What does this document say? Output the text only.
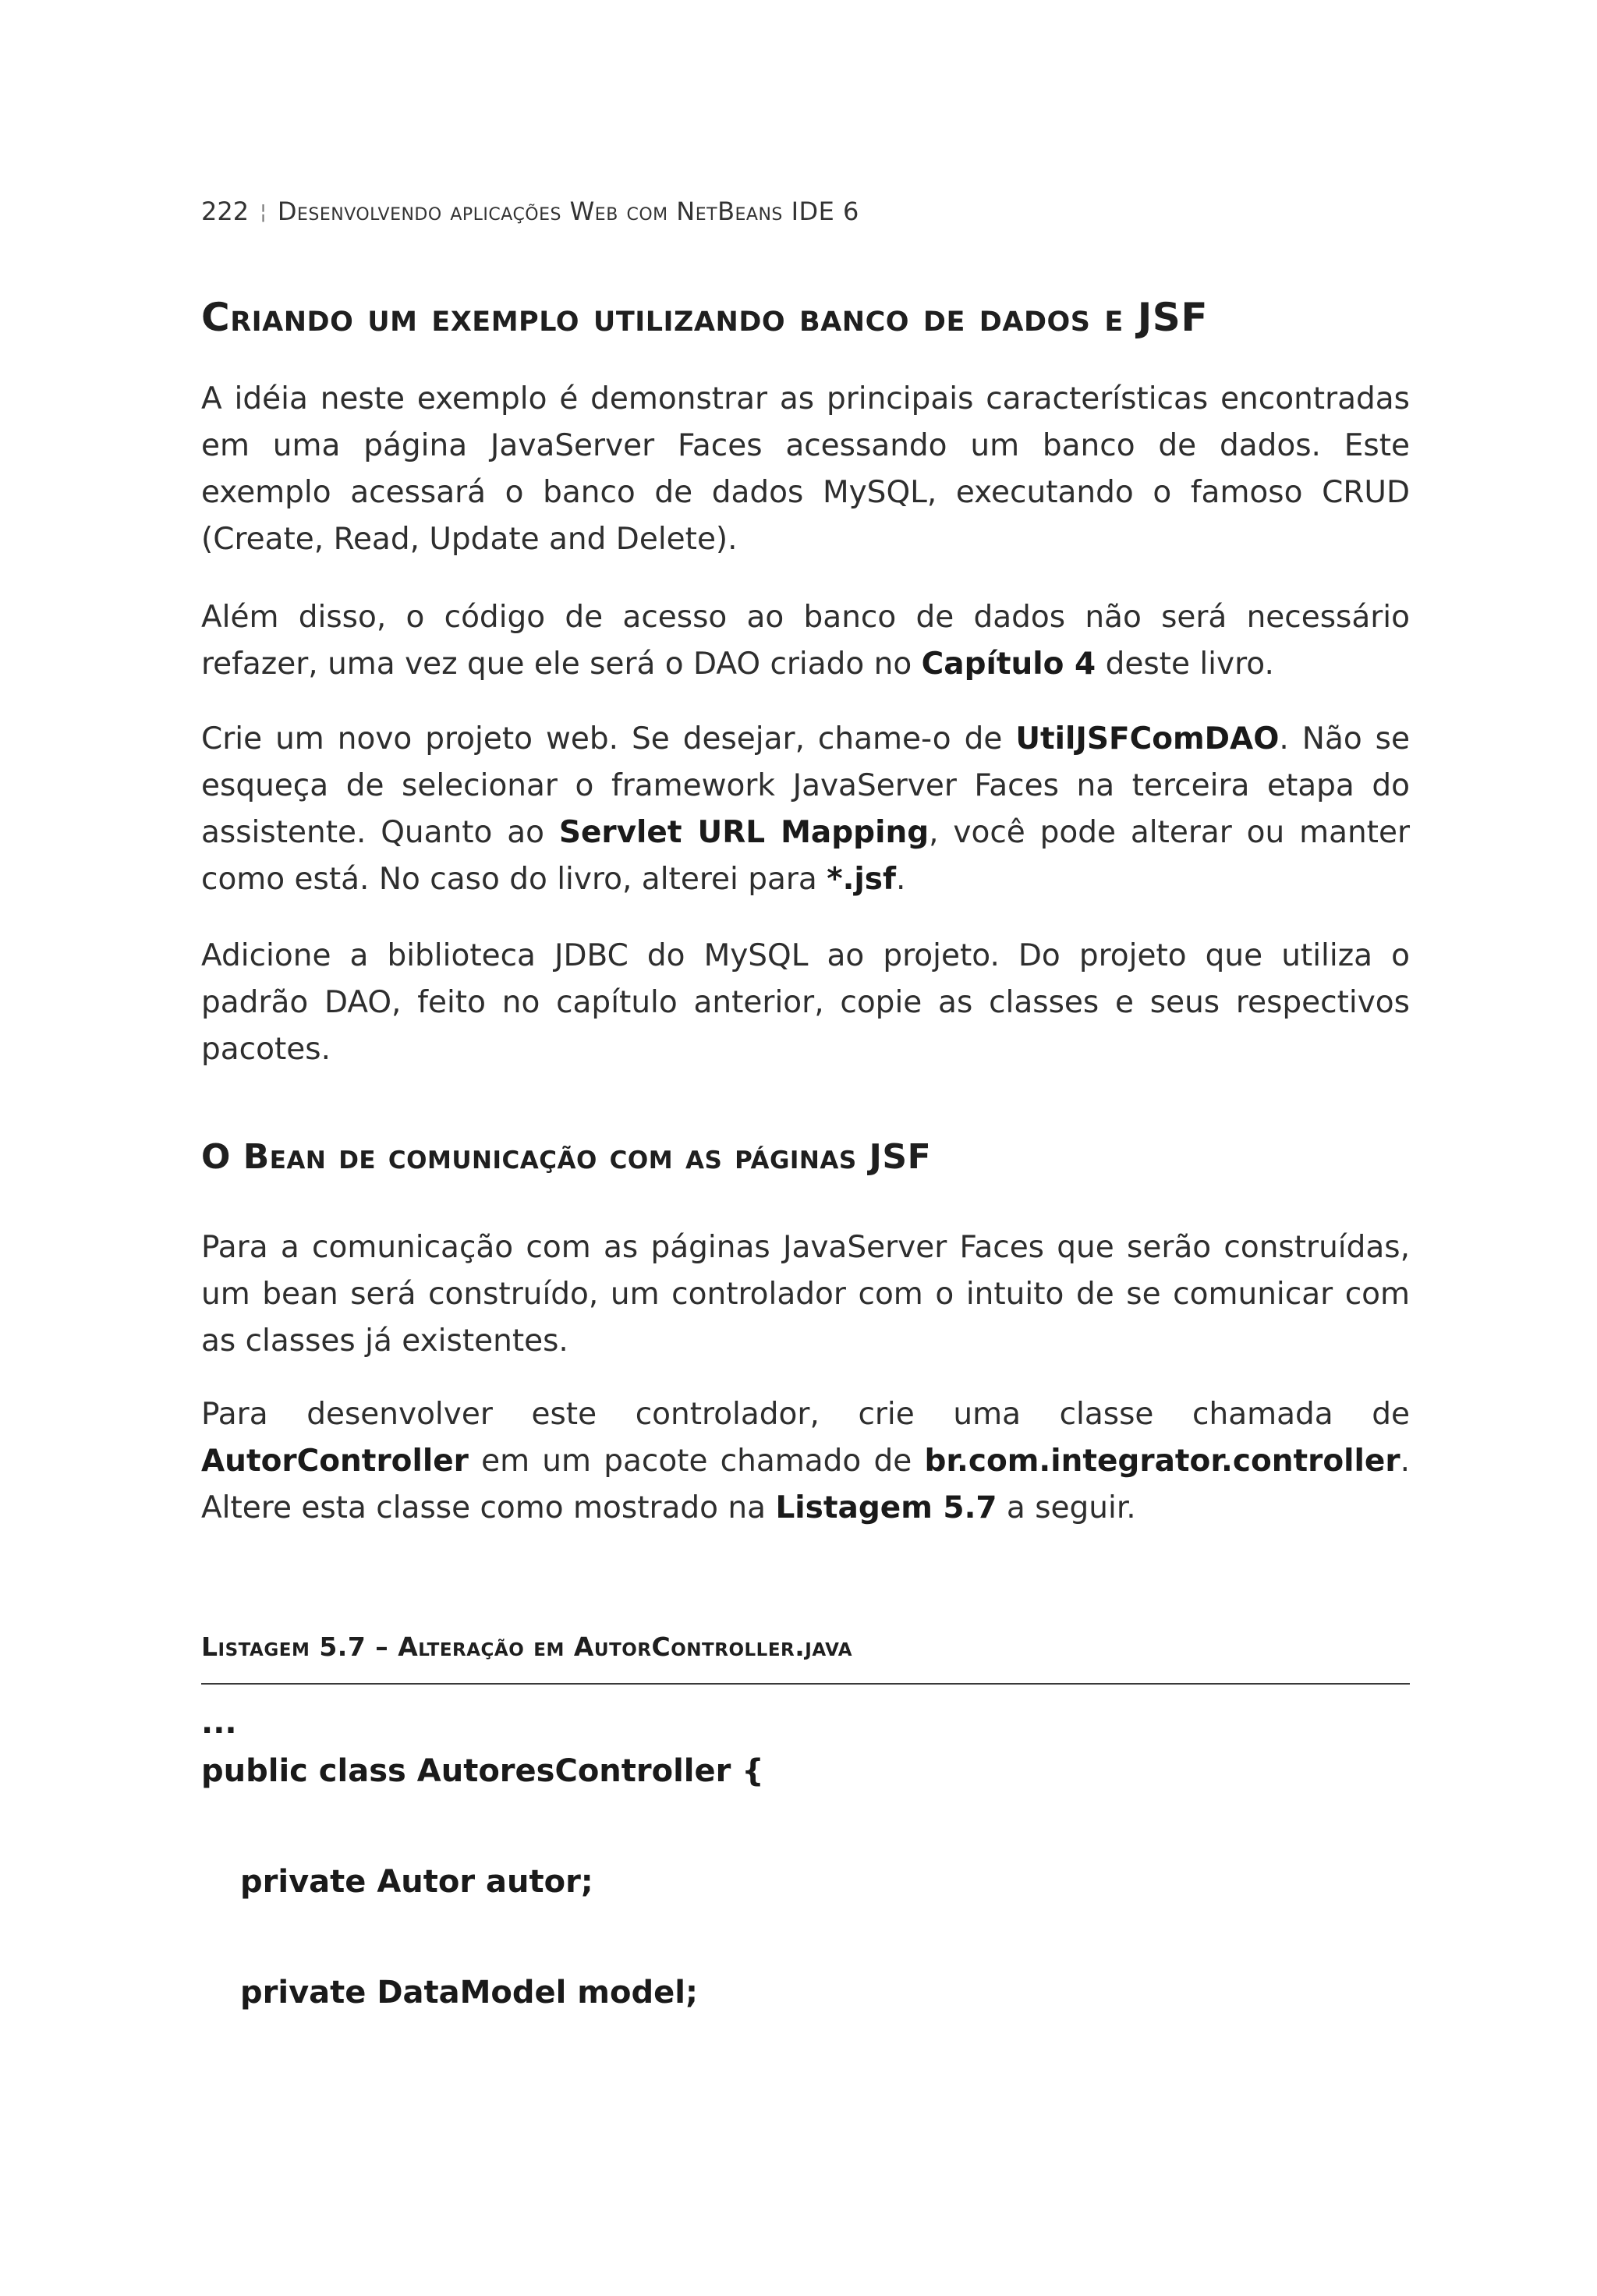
222 ¦ Desenvolvendo aplicações Web com NetBeans IDE 6
Criando um exemplo utilizando banco de dados e JSF

A idéia neste exemplo é demonstrar as principais características encontradas em uma página JavaServer Faces acessando um banco de dados. Este exemplo acessará o banco de dados MySQL, executando o famoso CRUD (Create, Read, Update and Delete).

Além disso, o código de acesso ao banco de dados não será necessário refazer, uma vez que ele será o DAO criado no Capítulo 4 deste livro.

Crie um novo projeto web. Se desejar, chame-o de UtilJSFComDAO. Não se esqueça de selecionar o framework JavaServer Faces na terceira etapa do assistente. Quanto ao Servlet URL Mapping, você pode alterar ou manter como está. No caso do livro, alterei para *.jsf.

Adicione a biblioteca JDBC do MySQL ao projeto. Do projeto que utiliza o padrão DAO, feito no capítulo anterior, copie as classes e seus respectivos pacotes.

O Bean de comunicação com as páginas JSF

Para a comunicação com as páginas JavaServer Faces que serão construídas, um bean será construído, um controlador com o intuito de se comunicar com as classes já existentes.

Para desenvolver este controlador, crie uma classe chamada de AutorController em um pacote chamado de br.com.integrator.controller. Altere esta classe como mostrado na Listagem 5.7 a seguir.

Listagem 5.7 – Alteração em AutorController.java
...
public class AutoresController {
private Autor autor;
private DataModel model;
